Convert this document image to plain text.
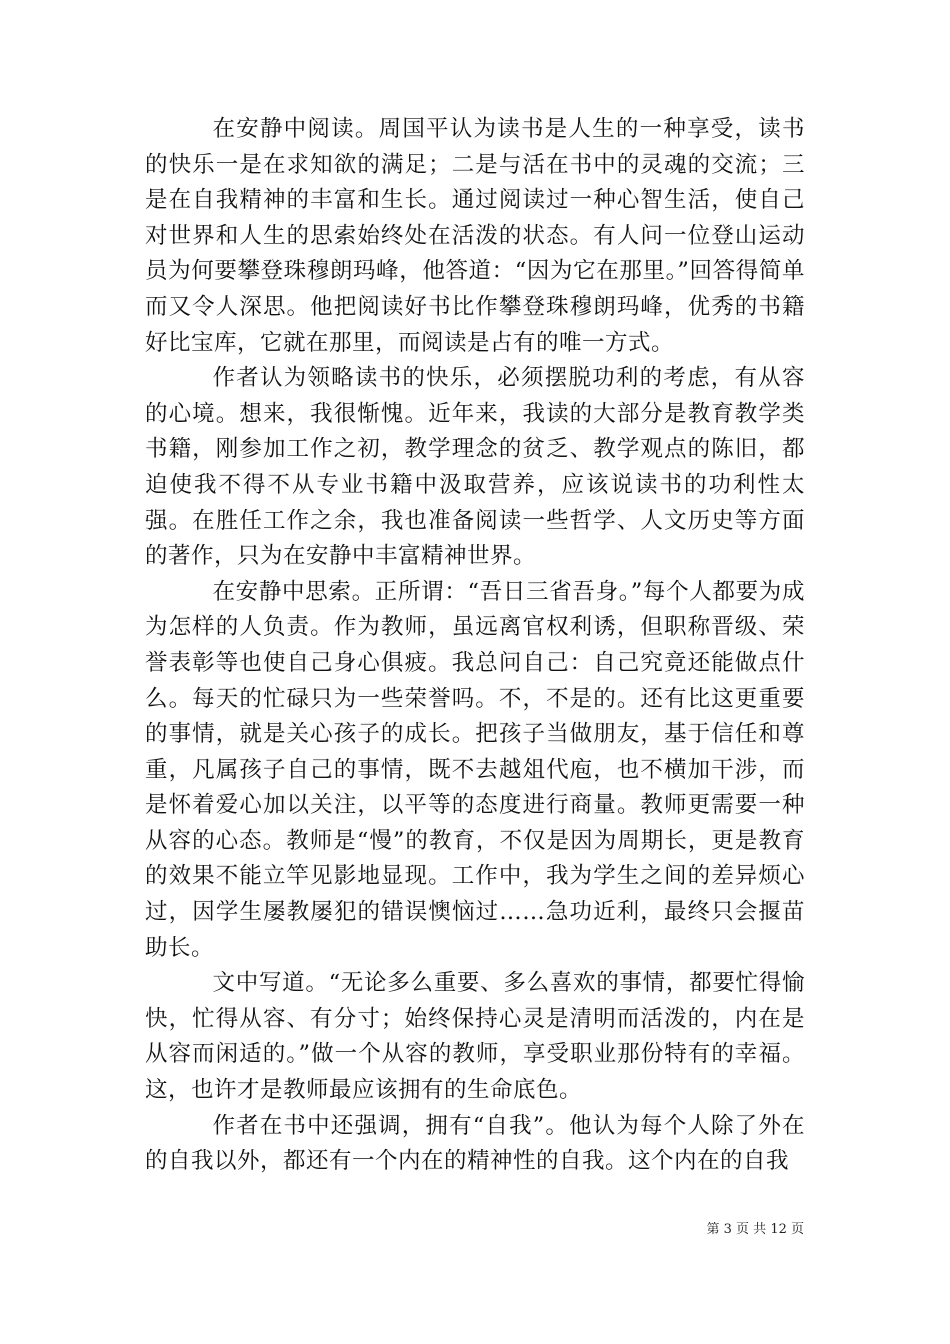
在安静中阅读。周国平认为读书是人生的一种享受，读书的快乐一是在求知欲的满足；二是与活在书中的灵魂的交流；三是在自我精神的丰富和生长。通过阅读过一种心智生活，使自己对世界和人生的思索始终处在活泼的状态。有人问一位登山运动员为何要攀登珠穆朗玛峰，他答道：“因为它在那里。”回答得简单而又令人深思。他把阅读好书比作攀登珠穆朗玛峰，优秀的书籍好比宝库，它就在那里，而阅读是占有的唯一方式。

作者认为领略读书的快乐，必须摆脱功利的考虑，有从容的心境。想来，我很惭愧。近年来，我读的大部分是教育教学类书籍，刚参加工作之初，教学理念的贫乏、教学观点的陈旧，都迫使我不得不从专业书籍中汲取营养，应该说读书的功利性太强。在胜任工作之余，我也准备阅读一些哲学、人文历史等方面的著作，只为在安静中丰富精神世界。

在安静中思索。正所谓：“吾日三省吾身。”每个人都要为成为怎样的人负责。作为教师，虽远离官权利诱，但职称晋级、荣誉表彰等也使自己身心俱疲。我总问自己：自己究竟还能做点什么。每天的忙碌只为一些荣誉吗。不，不是的。还有比这更重要的事情，就是关心孩子的成长。把孩子当做朋友，基于信任和尊重，凡属孩子自己的事情，既不去越俎代庖，也不横加干涉，而是怀着爱心加以关注，以平等的态度进行商量。教师更需要一种从容的心态。教师是“慢”的教育，不仅是因为周期长，更是教育的效果不能立竿见影地显现。工作中，我为学生之间的差异烦心过，因学生屡教屡犯的错误懊恼过……急功近利，最终只会揠苗助长。

文中写道。“无论多么重要、多么喜欢的事情，都要忙得愉快，忙得从容、有分寸；始终保持心灵是清明而活泼的，内在是从容而闲适的。”做一个从容的教师，享受职业那份特有的幸福。这，也许才是教师最应该拥有的生命底色。

作者在书中还强调，拥有“自我”。他认为每个人除了外在的自我以外，都还有一个内在的精神性的自我。这个内在的自我

第 3 页 共 12 页
